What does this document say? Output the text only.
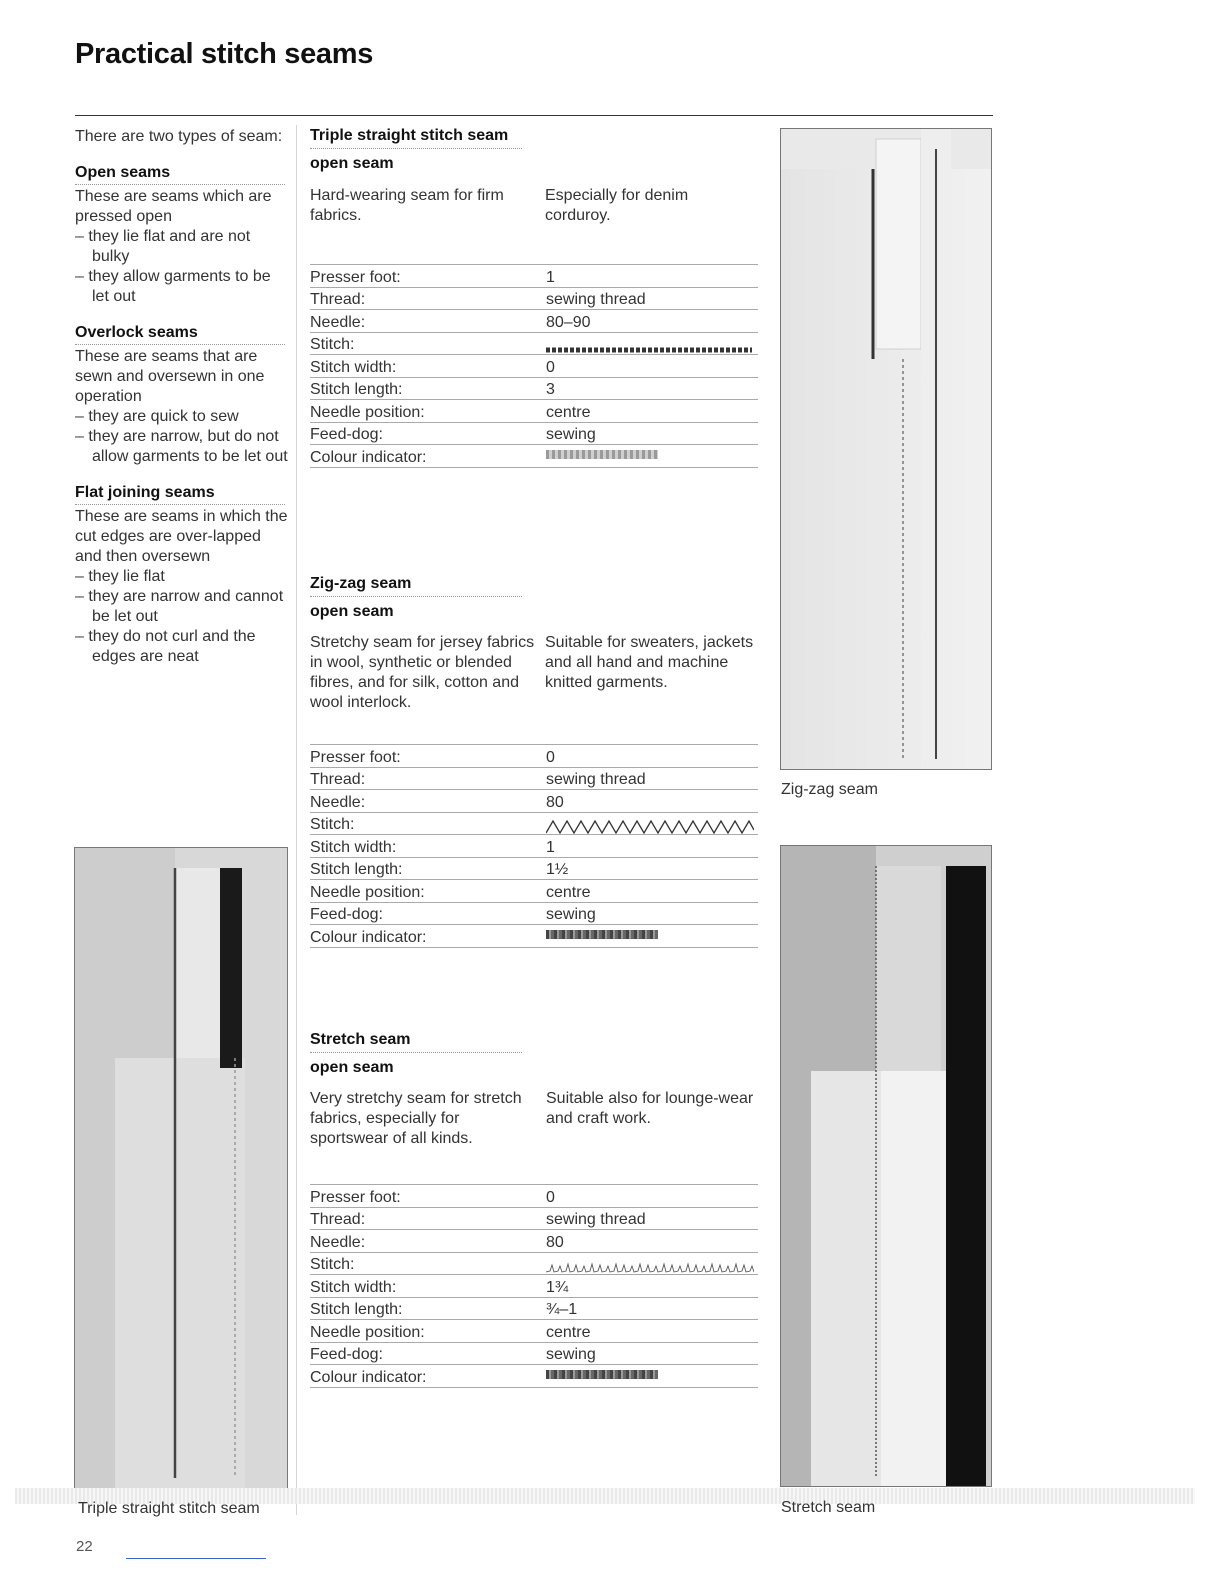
Practical stitch seams

There are two types of seam:

Open seams

These are seams which are pressed open

– they lie flat and are not bulky
– they allow garments to be let out
Overlock seams

These are seams that are sewn and oversewn in one operation

– they are quick to sew
– they are narrow, but do not allow garments to be let out
Flat joining seams

These are seams in which the cut edges are over-lapped and then oversewn

– they lie flat
– they are narrow and cannot be let out
– they do not curl and the edges are neat
Triple straight stitch seam
open seam
Hard-wearing seam for firm fabrics.
Especially for denim corduroy.
Presser foot:	1
Thread:	sewing thread
Needle:	80–90
Stitch:	

Stitch width:	0
Stitch length:	3
Needle position:	centre
Feed-dog:	sewing
Colour indicator:	
Zig-zag seam
open seam
Stretchy seam for jersey fabrics in wool, synthetic or blended fibres, and for silk, cotton and wool interlock.
Suitable for sweaters, jackets and all hand and machine knitted garments.
Presser foot:	0
Thread:	sewing thread
Needle:	80
Stitch:	

Stitch width:	1
Stitch length:	1½
Needle position:	centre
Feed-dog:	sewing
Colour indicator:	
Stretch seam
open seam
Very stretchy seam for stretch fabrics, especially for sportswear of all kinds.
Suitable also for lounge-wear and craft work.
Presser foot:	0
Thread:	sewing thread
Needle:	80
Stitch:	

Stitch width:	1¾
Stitch length:	¾–1
Needle position:	centre
Feed-dog:	sewing
Colour indicator:	
Zig-zag seam
Triple straight stitch seam	Stretch seam
22
